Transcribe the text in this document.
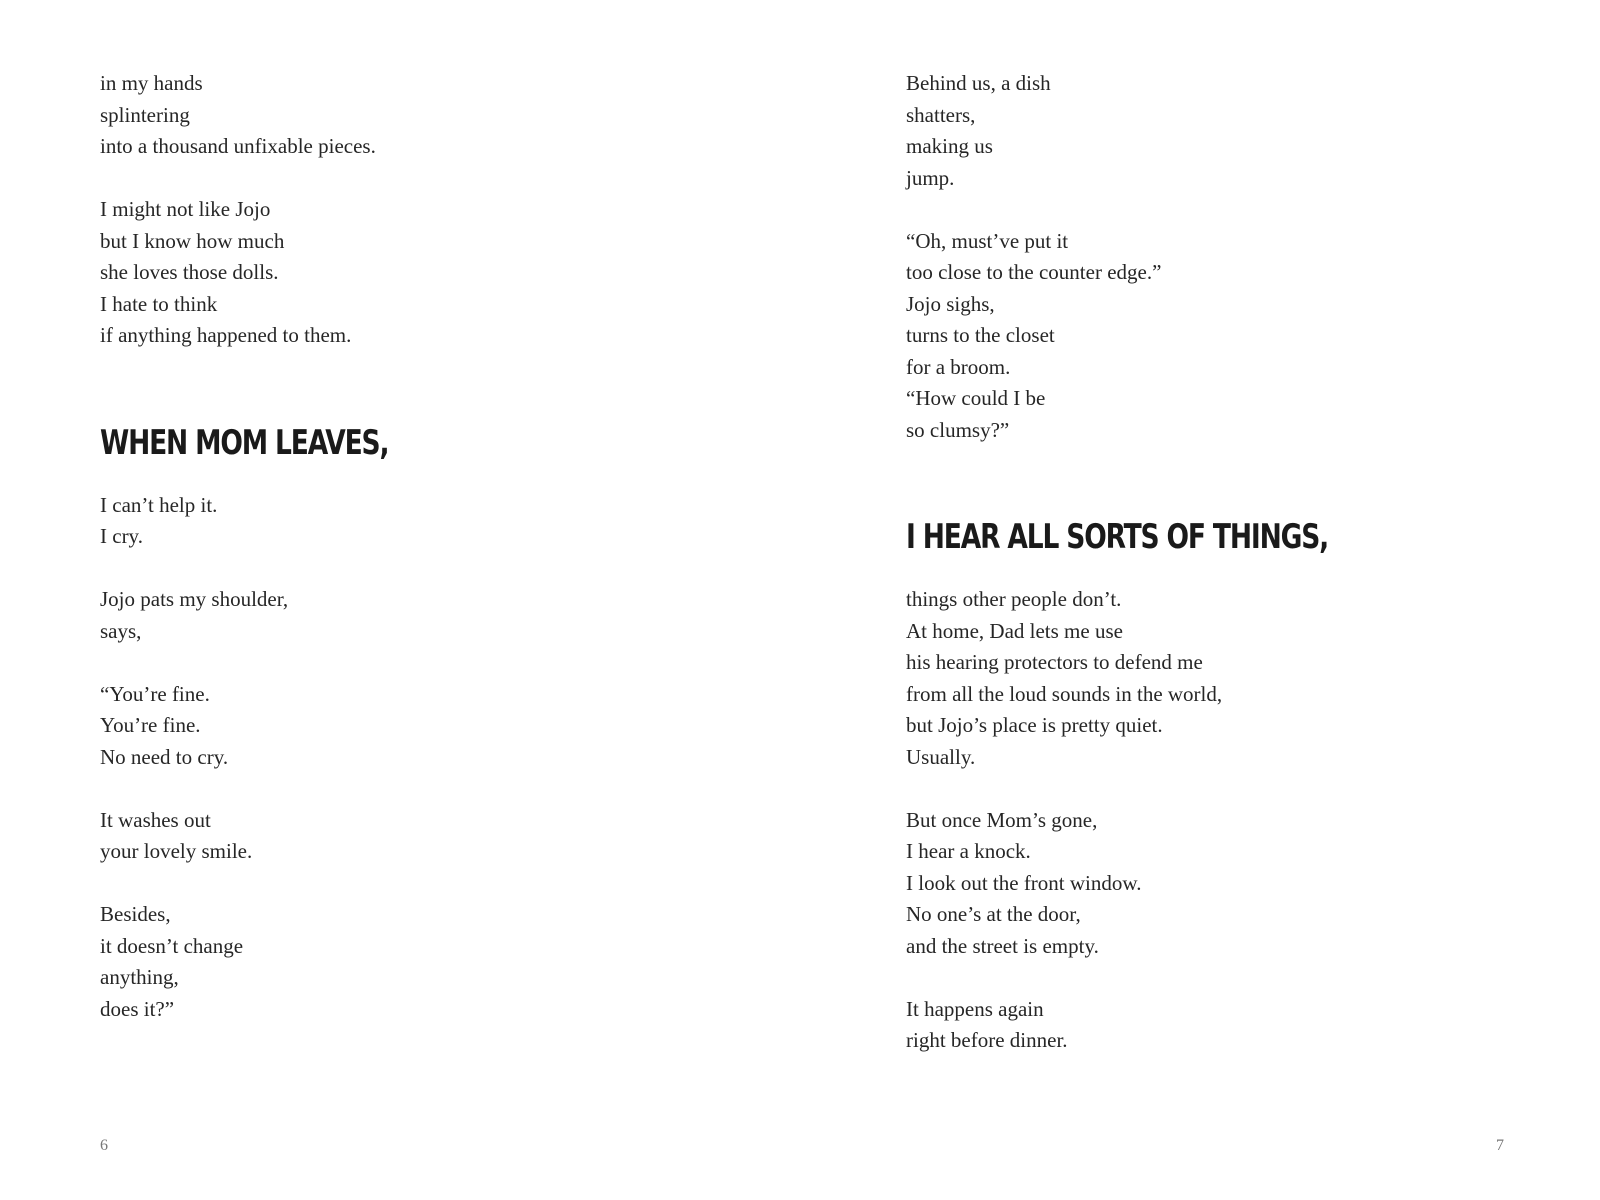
in my hands
splintering
into a thousand unfixable pieces.
I might not like Jojo
but I know how much
she loves those dolls.
I hate to think
if anything happened to them.
WHEN MOM LEAVES,
I can’t help it.
I cry.
Jojo pats my shoulder,
says,
“You’re fine.
You’re fine.
No need to cry.
It washes out
your lovely smile.
Besides,
it doesn’t change
anything,
does it?”
6
Behind us, a dish
shatters,
making us
jump.
“Oh, must’ve put it
too close to the counter edge.”
Jojo sighs,
turns to the closet
for a broom.
“How could I be
so clumsy?”
I HEAR ALL SORTS OF THINGS,
things other people don’t.
At home, Dad lets me use
his hearing protectors to defend me
from all the loud sounds in the world,
but Jojo’s place is pretty quiet.
Usually.
But once Mom’s gone,
I hear a knock.
I look out the front window.
No one’s at the door,
and the street is empty.
It happens again
right before dinner.
7
